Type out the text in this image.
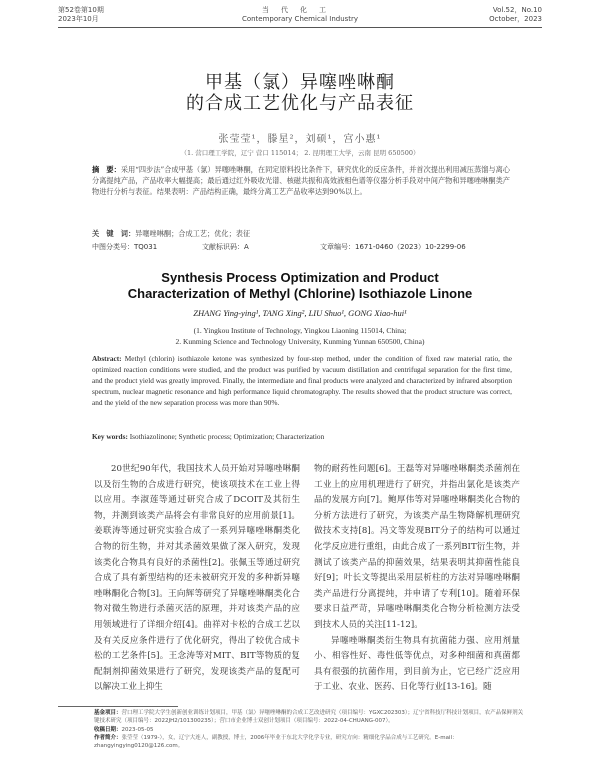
第52卷第10期
2023年10月
当代化工
Contemporary Chemical Industry
Vol.52，No.10
October，2023
甲基（氯）异噻唑啉酮
的合成工艺优化与产品表征
张莹莹¹，滕星²，刘硕¹，宫小惠¹
（1. 营口理工学院，辽宁 营口 115014； 2. 昆明理工大学，云南 昆明 650500）
摘　要：采用“四步法”合成甲基（氯）异噻唑啉酮，在同定原料投比条件下，研究优化的反应条件，并首次提出利用减压蒸馏与离心分离提纯产品，产品收率大幅提高；最后通过红外吸收光谱、核磁共振和高效液相色谱等仪器分析手段对中间产物和异噻唑啉酮类产物进行分析与表征。结果表明：产品结构正确，最终分离工艺产品收率达到90%以上。
关　键　词：异噻唑啉酮；合成工艺；优化；表征
中图分类号：TQ031	文献标识码：A	文章编号：1671-0460（2023）10-2299-06
Synthesis Process Optimization and Product
Characterization of Methyl (Chlorine) Isothiazole Linone
ZHANG Ying-ying¹, TANG Xing², LIU Shuo¹, GONG Xiao-hui¹
(1. Yingkou Institute of Technology, Yingkou Liaoning 115014, China;
2. Kunming Science and Technology University, Kunming Yunnan 650500, China)
Abstract: Methyl (chlorin) isothiazole ketone was synthesized by four-step method, under the condition of fixed raw material ratio, the optimized reaction conditions were studied, and the product was purified by vacuum distillation and centrifugal separation for the first time, and the product yield was greatly improved. Finally, the intermediate and final products were analyzed and characterized by infrared absorption spectrum, nuclear magnetic resonance and high performance liquid chromatography. The results showed that the product structure was correct, and the yield of the new separation process was more than 90%.
Key words: Isothiazolinone; Synthetic process; Optimization; Characterization
20世纪90年代，我国技术人员开始对异噻唑啉酮以及衍生物的合成进行研究，使该项技术在工业上得以应用。李淑莲等通过研究合成了DCOIT及其衍生物，并测到该类产品将会有非常良好的应用前景[1]。姜联涛等通过研究实验合成了一系列异噻唑啉酮类化合物的衍生物，并对其杀菌效果做了深入研究，发现该类化合物具有良好的杀菌性[2]。张佩玉等通过研究合成了具有新型结构的还未被研究开发的多种新异噻唑啉酮化合物[3]。王向辉等研究了异噻唑啉酮类化合物对微生物进行杀菌灭活的原理，并对该类产品的应用领域进行了详细介绍[4]。曲祥对卡松的合成工艺以及有关反应条件进行了优化研究，得出了较优合成卡松的工艺条件[5]。王念涛等对MIT、BIT等物质的复配制剂抑菌效果进行了研究，发现该类产品的复配可以解决工业上抑生

物的耐药性问题[6]。王磊等对异噻唑啉酮类杀菌剂在工业上的应用机理进行了研究，并指出氯化是该类产品的发展方向[7]。鲍厚伟等对异噻唑啉酮类化合物的分析方法进行了研究，为该类产品生物降解机理研究做技术支持[8]。冯文等发现BIT分子的结构可以通过化学反应进行重组，由此合成了一系列BIT衍生物，并测试了该类产品的抑菌效果，结果表明其抑菌性能良好[9]；叶长文等提出采用层析柱的方法对异噻唑啉酮类产品进行分离提纯，并申请了专利[10]。随着环保要求日益严苛，异噻唑啉酮类化合物分析检测方法受到技术人员的关注[11-12]。

异噻唑啉酮类衍生物具有抗菌能力强、应用剂量小、相容性好、毒性低等优点，对多种细菌和真菌都具有很强的抗菌作用，到目前为止，它已经广泛应用于工业、农业、医药、日化等行业[13-16]。随

基金项目：营口理工学院大学生创新创业训练计划项目，甲基（氯）异噻唑啉酮的合成工艺改进研究（项目编号：YGXC202303）；辽宁省科技厅科技计划项目，农产品保鲜剂关键技术研究（项目编号：2022JH2/101300235）；营口市企业博士双创计划项目（项目编号：2022-04-CHUANG-007）。
收稿日期：2023-05-05
作者简介：张莹莹（1979-），女，辽宁大连人，副教授，博士，2006年毕业于东北大学化学专业，研究方向：精细化学品合成与工艺研究。E-mail：zhangyingying0120@126.com。
